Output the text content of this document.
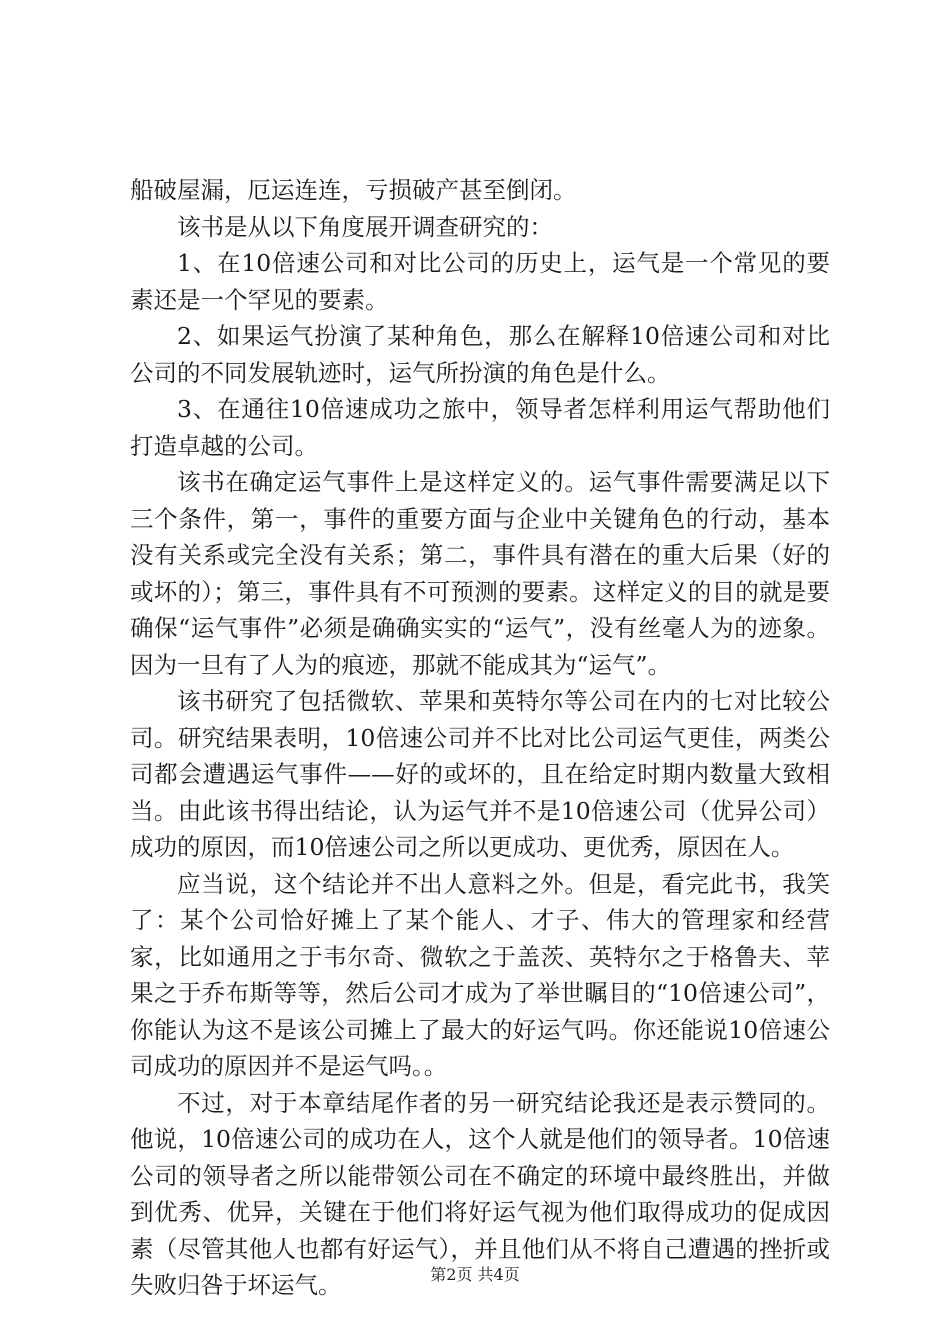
船破屋漏，厄运连连，亏损破产甚至倒闭。

该书是从以下角度展开调查研究的：

1、在10倍速公司和对比公司的历史上，运气是一个常见的要素还是一个罕见的要素。

2、如果运气扮演了某种角色，那么在解释10倍速公司和对比公司的不同发展轨迹时，运气所扮演的角色是什么。

3、在通往10倍速成功之旅中，领导者怎样利用运气帮助他们打造卓越的公司。

该书在确定运气事件上是这样定义的。运气事件需要满足以下三个条件，第一，事件的重要方面与企业中关键角色的行动，基本没有关系或完全没有关系；第二，事件具有潜在的重大后果（好的或坏的）；第三，事件具有不可预测的要素。这样定义的目的就是要确保“运气事件”必须是确确实实的“运气”，没有丝毫人为的迹象。因为一旦有了人为的痕迹，那就不能成其为“运气”。

该书研究了包括微软、苹果和英特尔等公司在内的七对比较公司。研究结果表明，10倍速公司并不比对比公司运气更佳，两类公司都会遭遇运气事件——好的或坏的，且在给定时期内数量大致相当。由此该书得出结论，认为运气并不是10倍速公司（优异公司）成功的原因，而10倍速公司之所以更成功、更优秀，原因在人。

应当说，这个结论并不出人意料之外。但是，看完此书，我笑了：某个公司恰好摊上了某个能人、才子、伟大的管理家和经营家，比如通用之于韦尔奇、微软之于盖茨、英特尔之于格鲁夫、苹果之于乔布斯等等，然后公司才成为了举世瞩目的“10倍速公司”，你能认为这不是该公司摊上了最大的好运气吗。你还能说10倍速公司成功的原因并不是运气吗。。

不过，对于本章结尾作者的另一研究结论我还是表示赞同的。他说，10倍速公司的成功在人，这个人就是他们的领导者。10倍速公司的领导者之所以能带领公司在不确定的环境中最终胜出，并做到优秀、优异，关键在于他们将好运气视为他们取得成功的促成因素（尽管其他人也都有好运气），并且他们从不将自己遭遇的挫折或失败归咎于坏运气。	第2页 共4页
